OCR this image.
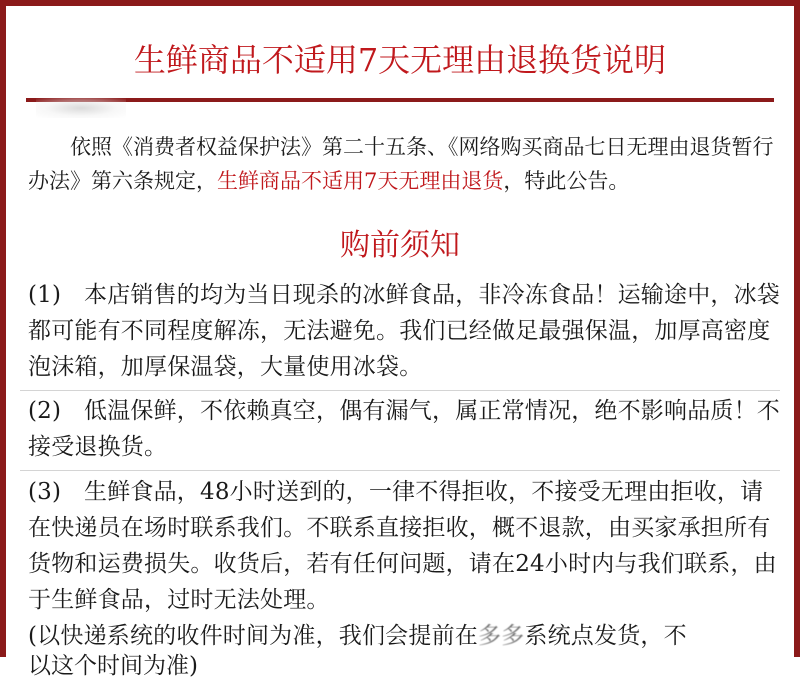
生鲜商品不适用7天无理由退换货说明
依照《消费者权益保护法》第二十五条、《网络购买商品七日无理由退货暂行办法》第六条规定，生鲜商品不适用7天无理由退货，特此公告。
购前须知
(1) 本店销售的均为当日现杀的冰鲜食品，非冷冻食品！运输途中，冰袋都可能有不同程度解冻，无法避免。我们已经做足最强保温，加厚高密度泡沫箱，加厚保温袋，大量使用冰袋。
(2) 低温保鲜，不依赖真空，偶有漏气，属正常情况，绝不影响品质！不接受退换货。
(3) 生鲜食品，48小时送到的，一律不得拒收，不接受无理由拒收，请在快递员在场时联系我们。不联系直接拒收，概不退款，由买家承担所有货物和运费损失。收货后，若有任何问题，请在24小时内与我们联系，由于生鲜食品，过时无法处理。
(以快递系统的收件时间为准，我们会提前在多多系统点发货，不
以这个时间为准)
